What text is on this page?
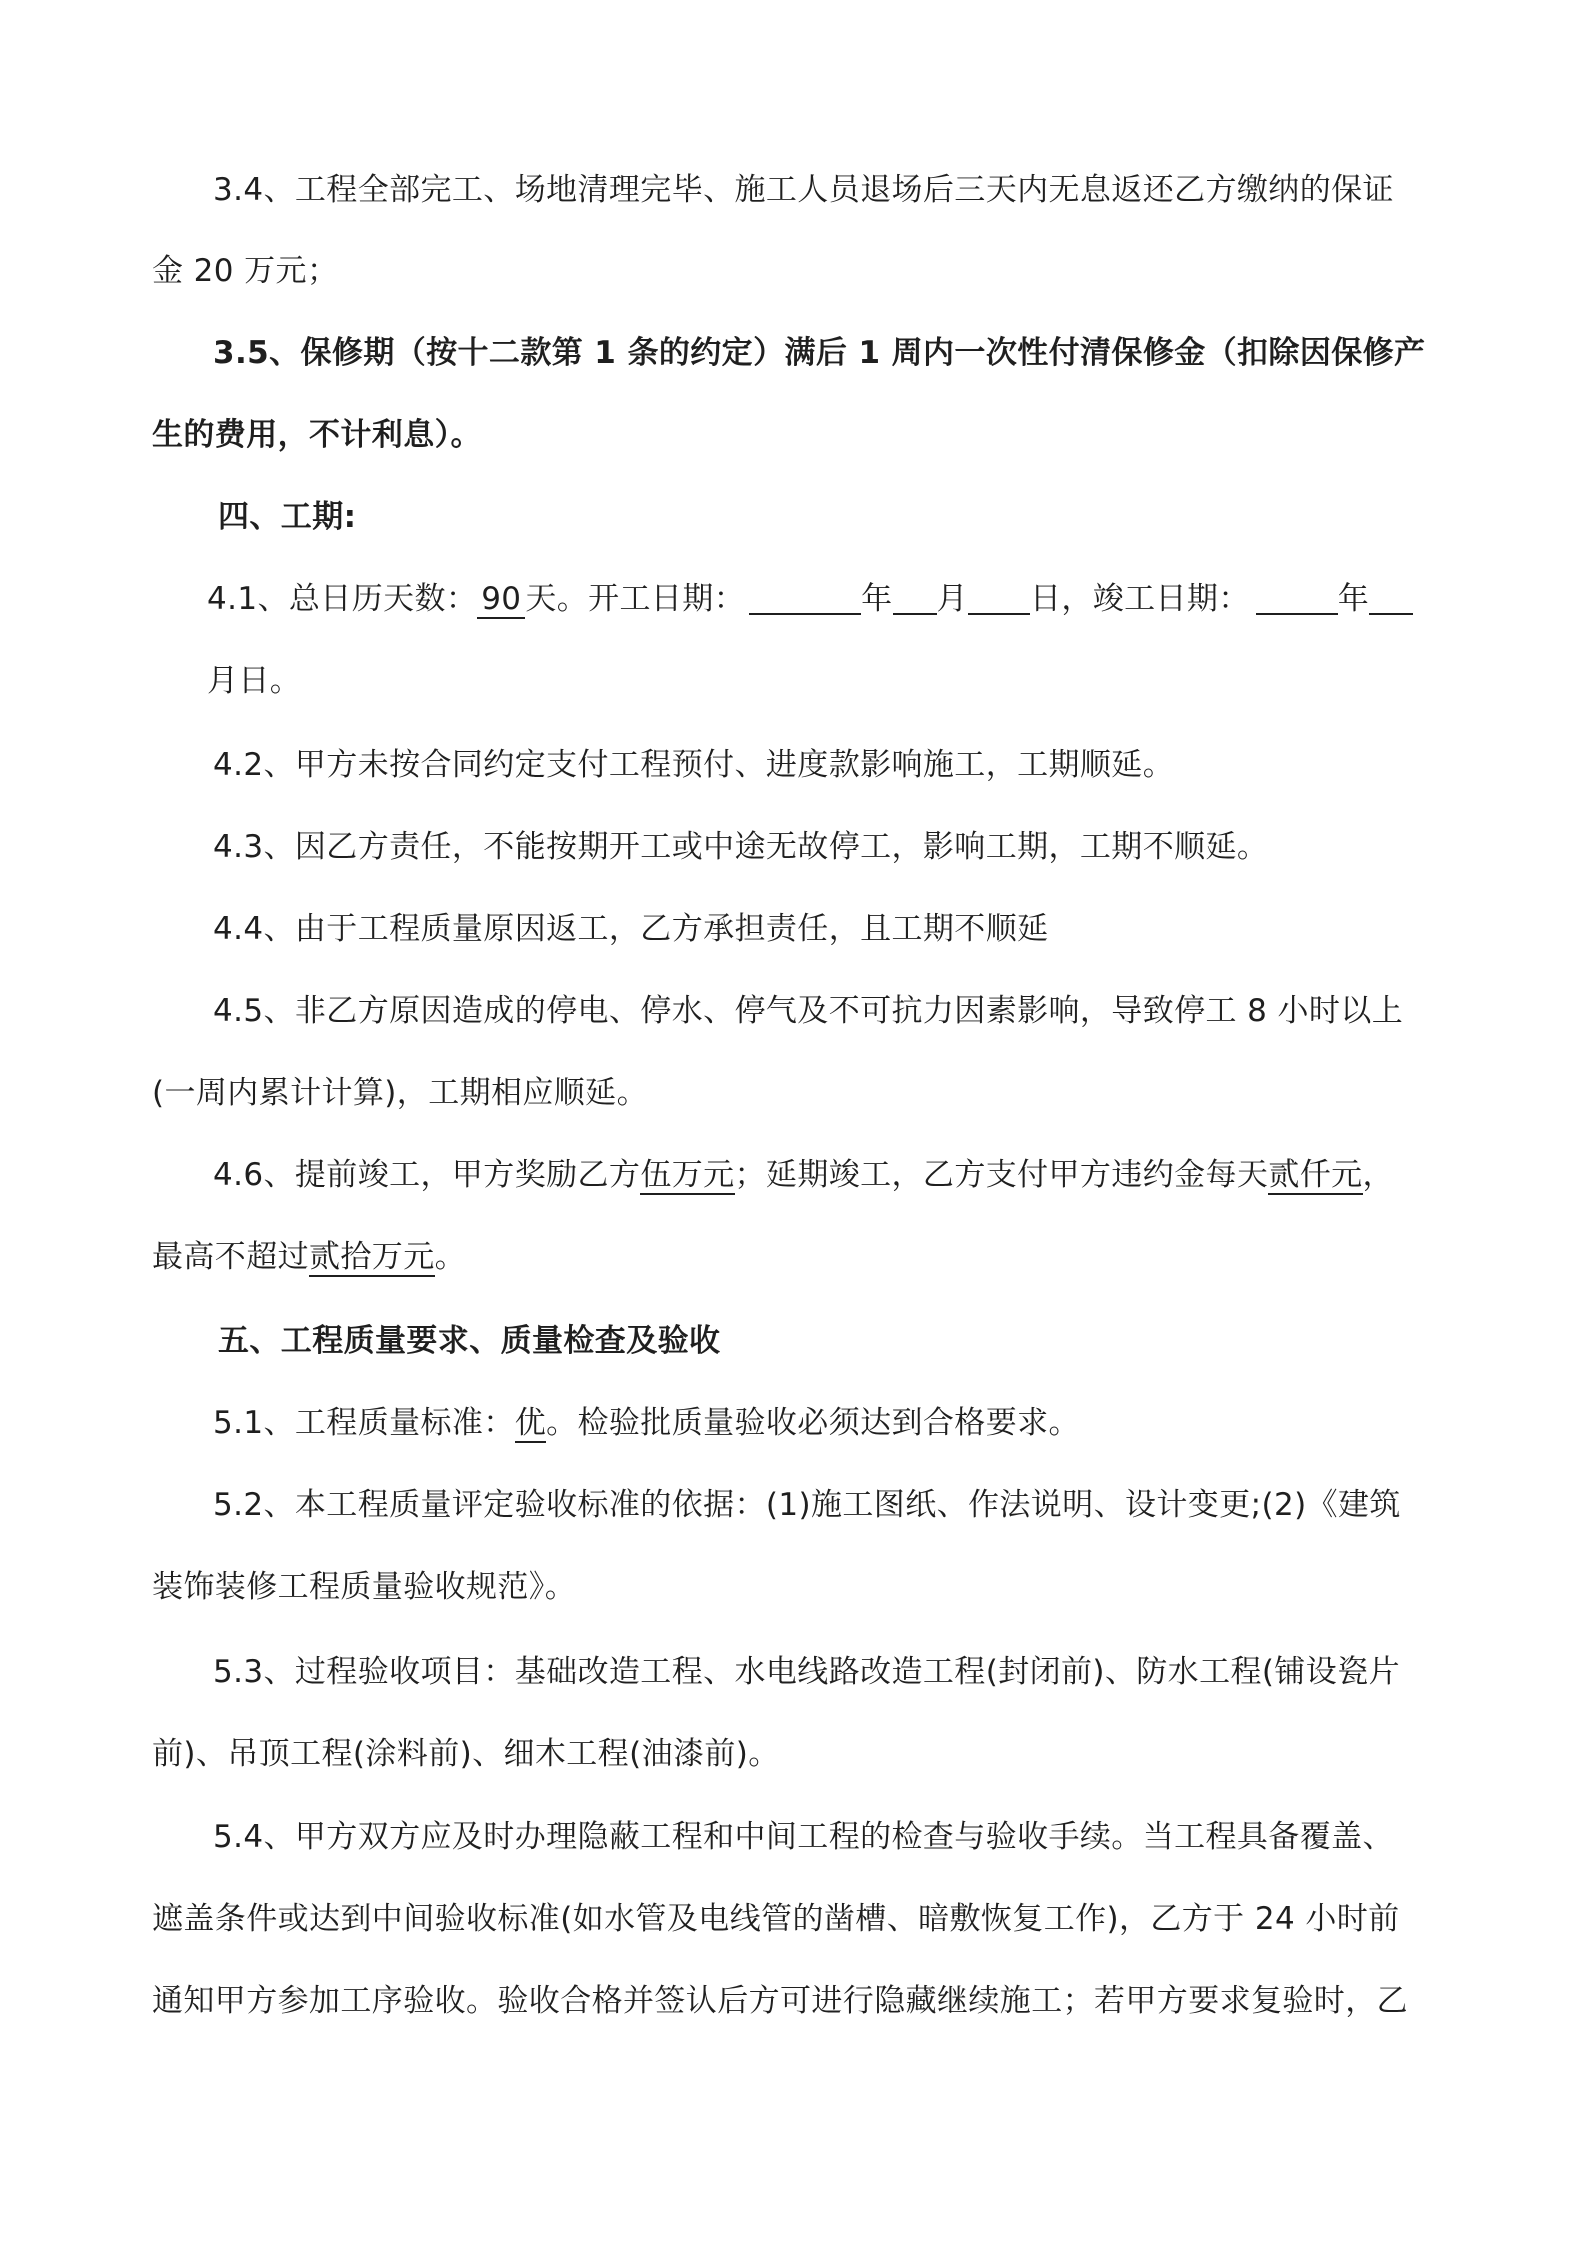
3.4、工程全部完工、场地清理完毕、施工人员退场后三天内无息返还乙方缴纳的保证

金 20 万元；

3.5、保修期（按十二款第 1 条的约定）满后 1 周内一次性付清保修金（扣除因保修产

生的费用，不计利息）。

四、工期:

4.1、总日历天数： 90 天。开工日期：	年 月 日，竣工日期：	年

月日。

4.2、甲方未按合同约定支付工程预付、进度款影响施工，工期顺延。

4.3、因乙方责任，不能按期开工或中途无故停工，影响工期，工期不顺延。

4.4、由于工程质量原因返工，乙方承担责任，且工期不顺延

4.5、非乙方原因造成的停电、停水、停气及不可抗力因素影响，导致停工 8 小时以上

(一周内累计计算)，工期相应顺延。

4.6、提前竣工，甲方奖励乙方伍万元；延期竣工，乙方支付甲方违约金每天贰仟元，

最高不超过贰拾万元。

五、工程质量要求、质量检查及验收

5.1、工程质量标准：优。检验批质量验收必须达到合格要求。

5.2、本工程质量评定验收标准的依据：(1)施工图纸、作法说明、设计变更;(2)《建筑

装饰装修工程质量验收规范》。

5.3、过程验收项目：基础改造工程、水电线路改造工程(封闭前)、防水工程(铺设瓷片

前)、吊顶工程(涂料前)、细木工程(油漆前)。

5.4、甲方双方应及时办理隐蔽工程和中间工程的检查与验收手续。当工程具备覆盖、

遮盖条件或达到中间验收标准(如水管及电线管的凿槽、暗敷恢复工作)，乙方于 24 小时前

通知甲方参加工序验收。验收合格并签认后方可进行隐藏继续施工；若甲方要求复验时，乙
